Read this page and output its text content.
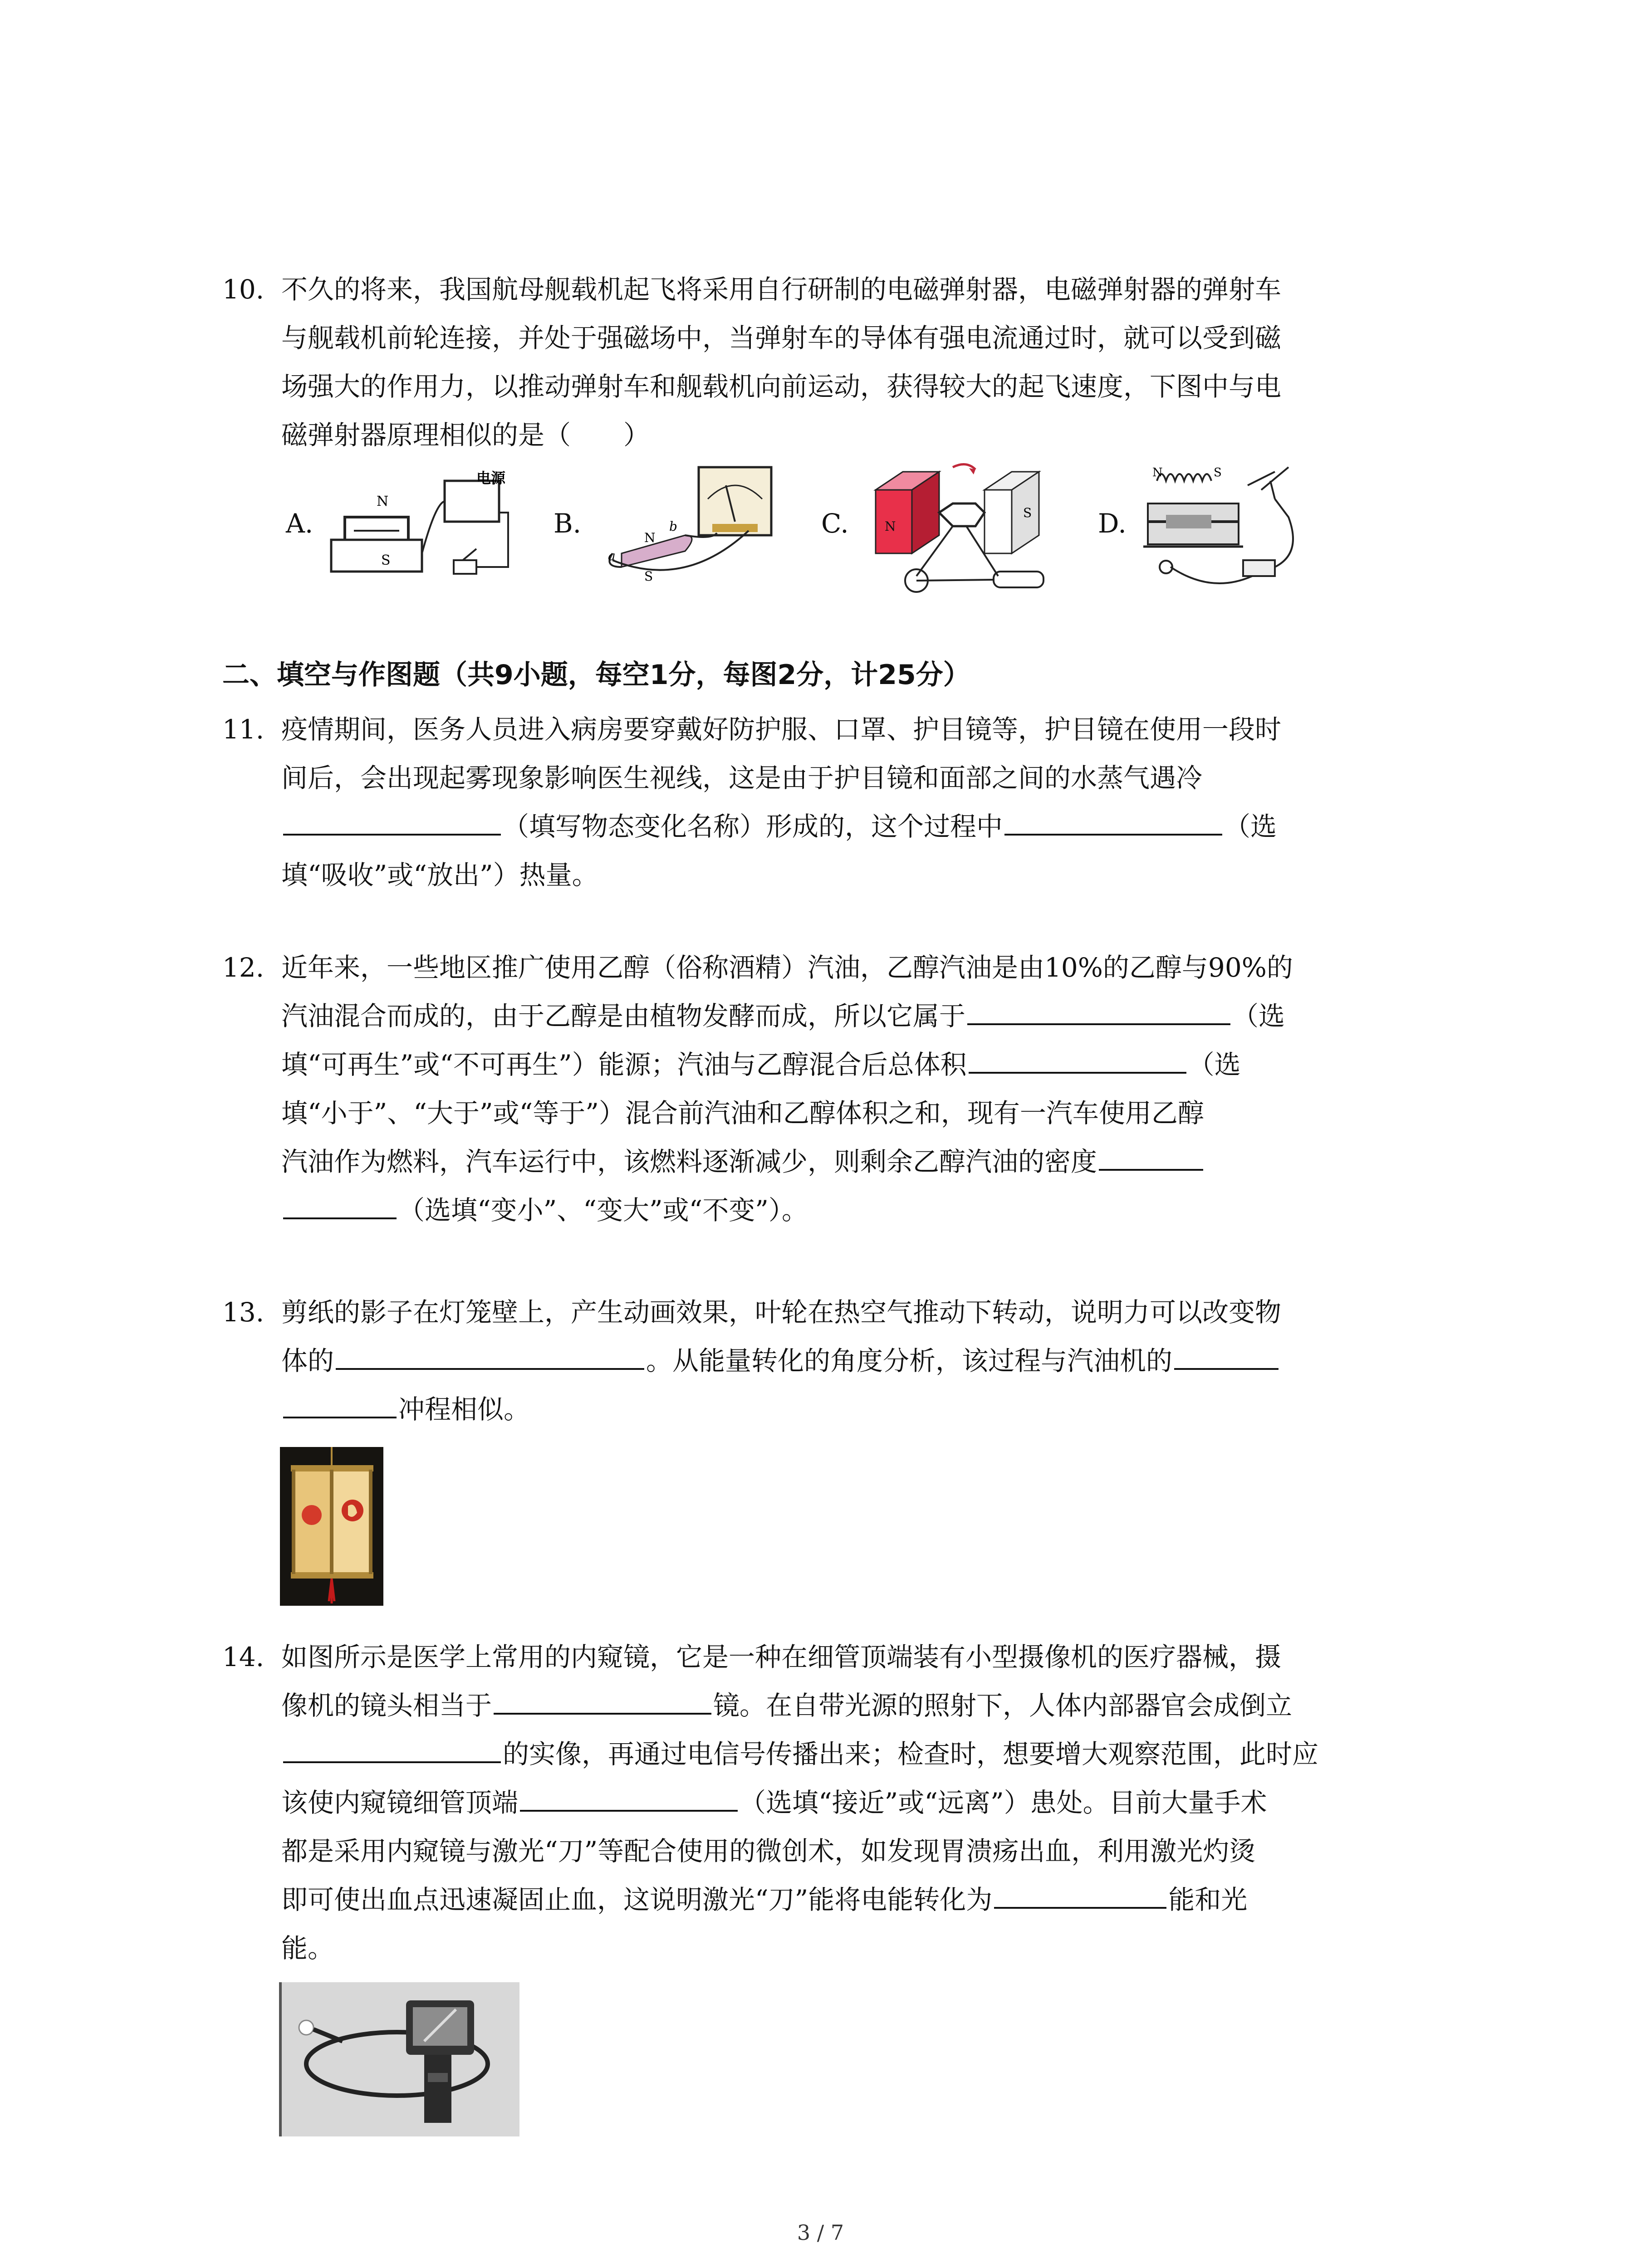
10. 不久的将来，我国航母舰载机起飞将采用自行研制的电磁弹射器，电磁弹射器的弹射车
与舰载机前轮连接，并处于强磁场中，当弹射车的导体有强电流通过时，就可以受到磁
场强大的作用力，以推动弹射车和舰载机向前运动，获得较大的起飞速度，下图中与电
磁弹射器原理相似的是（　　）
A.
N
S
电源
B.	N
S
a
b	C.	N
S	D.
N	S
二、填空与作图题（共9小题，每空1分，每图2分，计25分）
11. 疫情期间，医务人员进入病房要穿戴好防护服、口罩、护目镜等，护目镜在使用一段时
间后，会出现起雾现象影响医生视线，这是由于护目镜和面部之间的水蒸气遇冷
（填写物态变化名称）形成的，这个过程中	（选
填“吸收”或“放出”）热量。
12. 近年来，一些地区推广使用乙醇（俗称酒精）汽油，乙醇汽油是由10%的乙醇与90%的
汽油混合而成的，由于乙醇是由植物发酵而成，所以它属于	（选
填“可再生”或“不可再生”）能源；汽油与乙醇混合后总体积	（选
填“小于”、“大于”或“等于”）混合前汽油和乙醇体积之和，现有一汽车使用乙醇
汽油作为燃料，汽车运行中，该燃料逐渐减少，则剩余乙醇汽油的密度
（选填“变小”、“变大”或“不变”）。
13. 剪纸的影子在灯笼壁上，产生动画效果，叶轮在热空气推动下转动，说明力可以改变物
体的	。从能量转化的角度分析，该过程与汽油机的
冲程相似。
14. 如图所示是医学上常用的内窥镜，它是一种在细管顶端装有小型摄像机的医疗器械，摄
像机的镜头相当于	镜。在自带光源的照射下，人体内部器官会成倒立
的实像，再通过电信号传播出来；检查时，想要增大观察范围，此时应
该使内窥镜细管顶端	（选填“接近”或“远离”）患处。目前大量手术
都是采用内窥镜与激光“刀”等配合使用的微创术，如发现胃溃疡出血，利用激光灼烫
即可使出血点迅速凝固止血，这说明激光“刀”能将电能转化为	能和光
能。
3 / 7
